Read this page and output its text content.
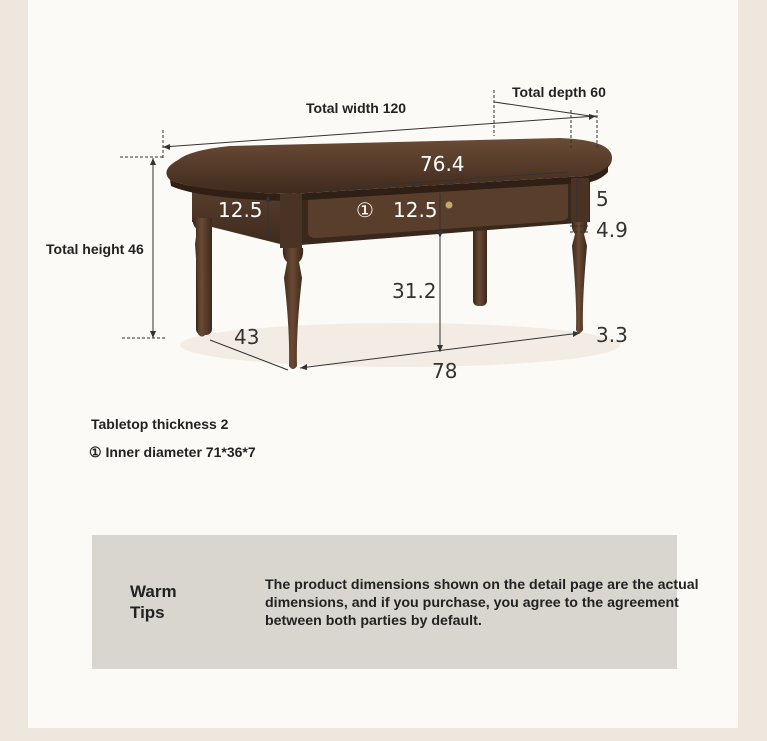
Total width 120
Total depth 60
Total height 46
76.4
12.5	① 12.5	5
4.9
31.2
3.3
43
78
Tabletop thickness 2
① Inner diameter 71*36*7
Warm Tips
The product dimensions shown on the detail page are the actual dimensions, and if you purchase, you agree to the agreement between both parties by default.
